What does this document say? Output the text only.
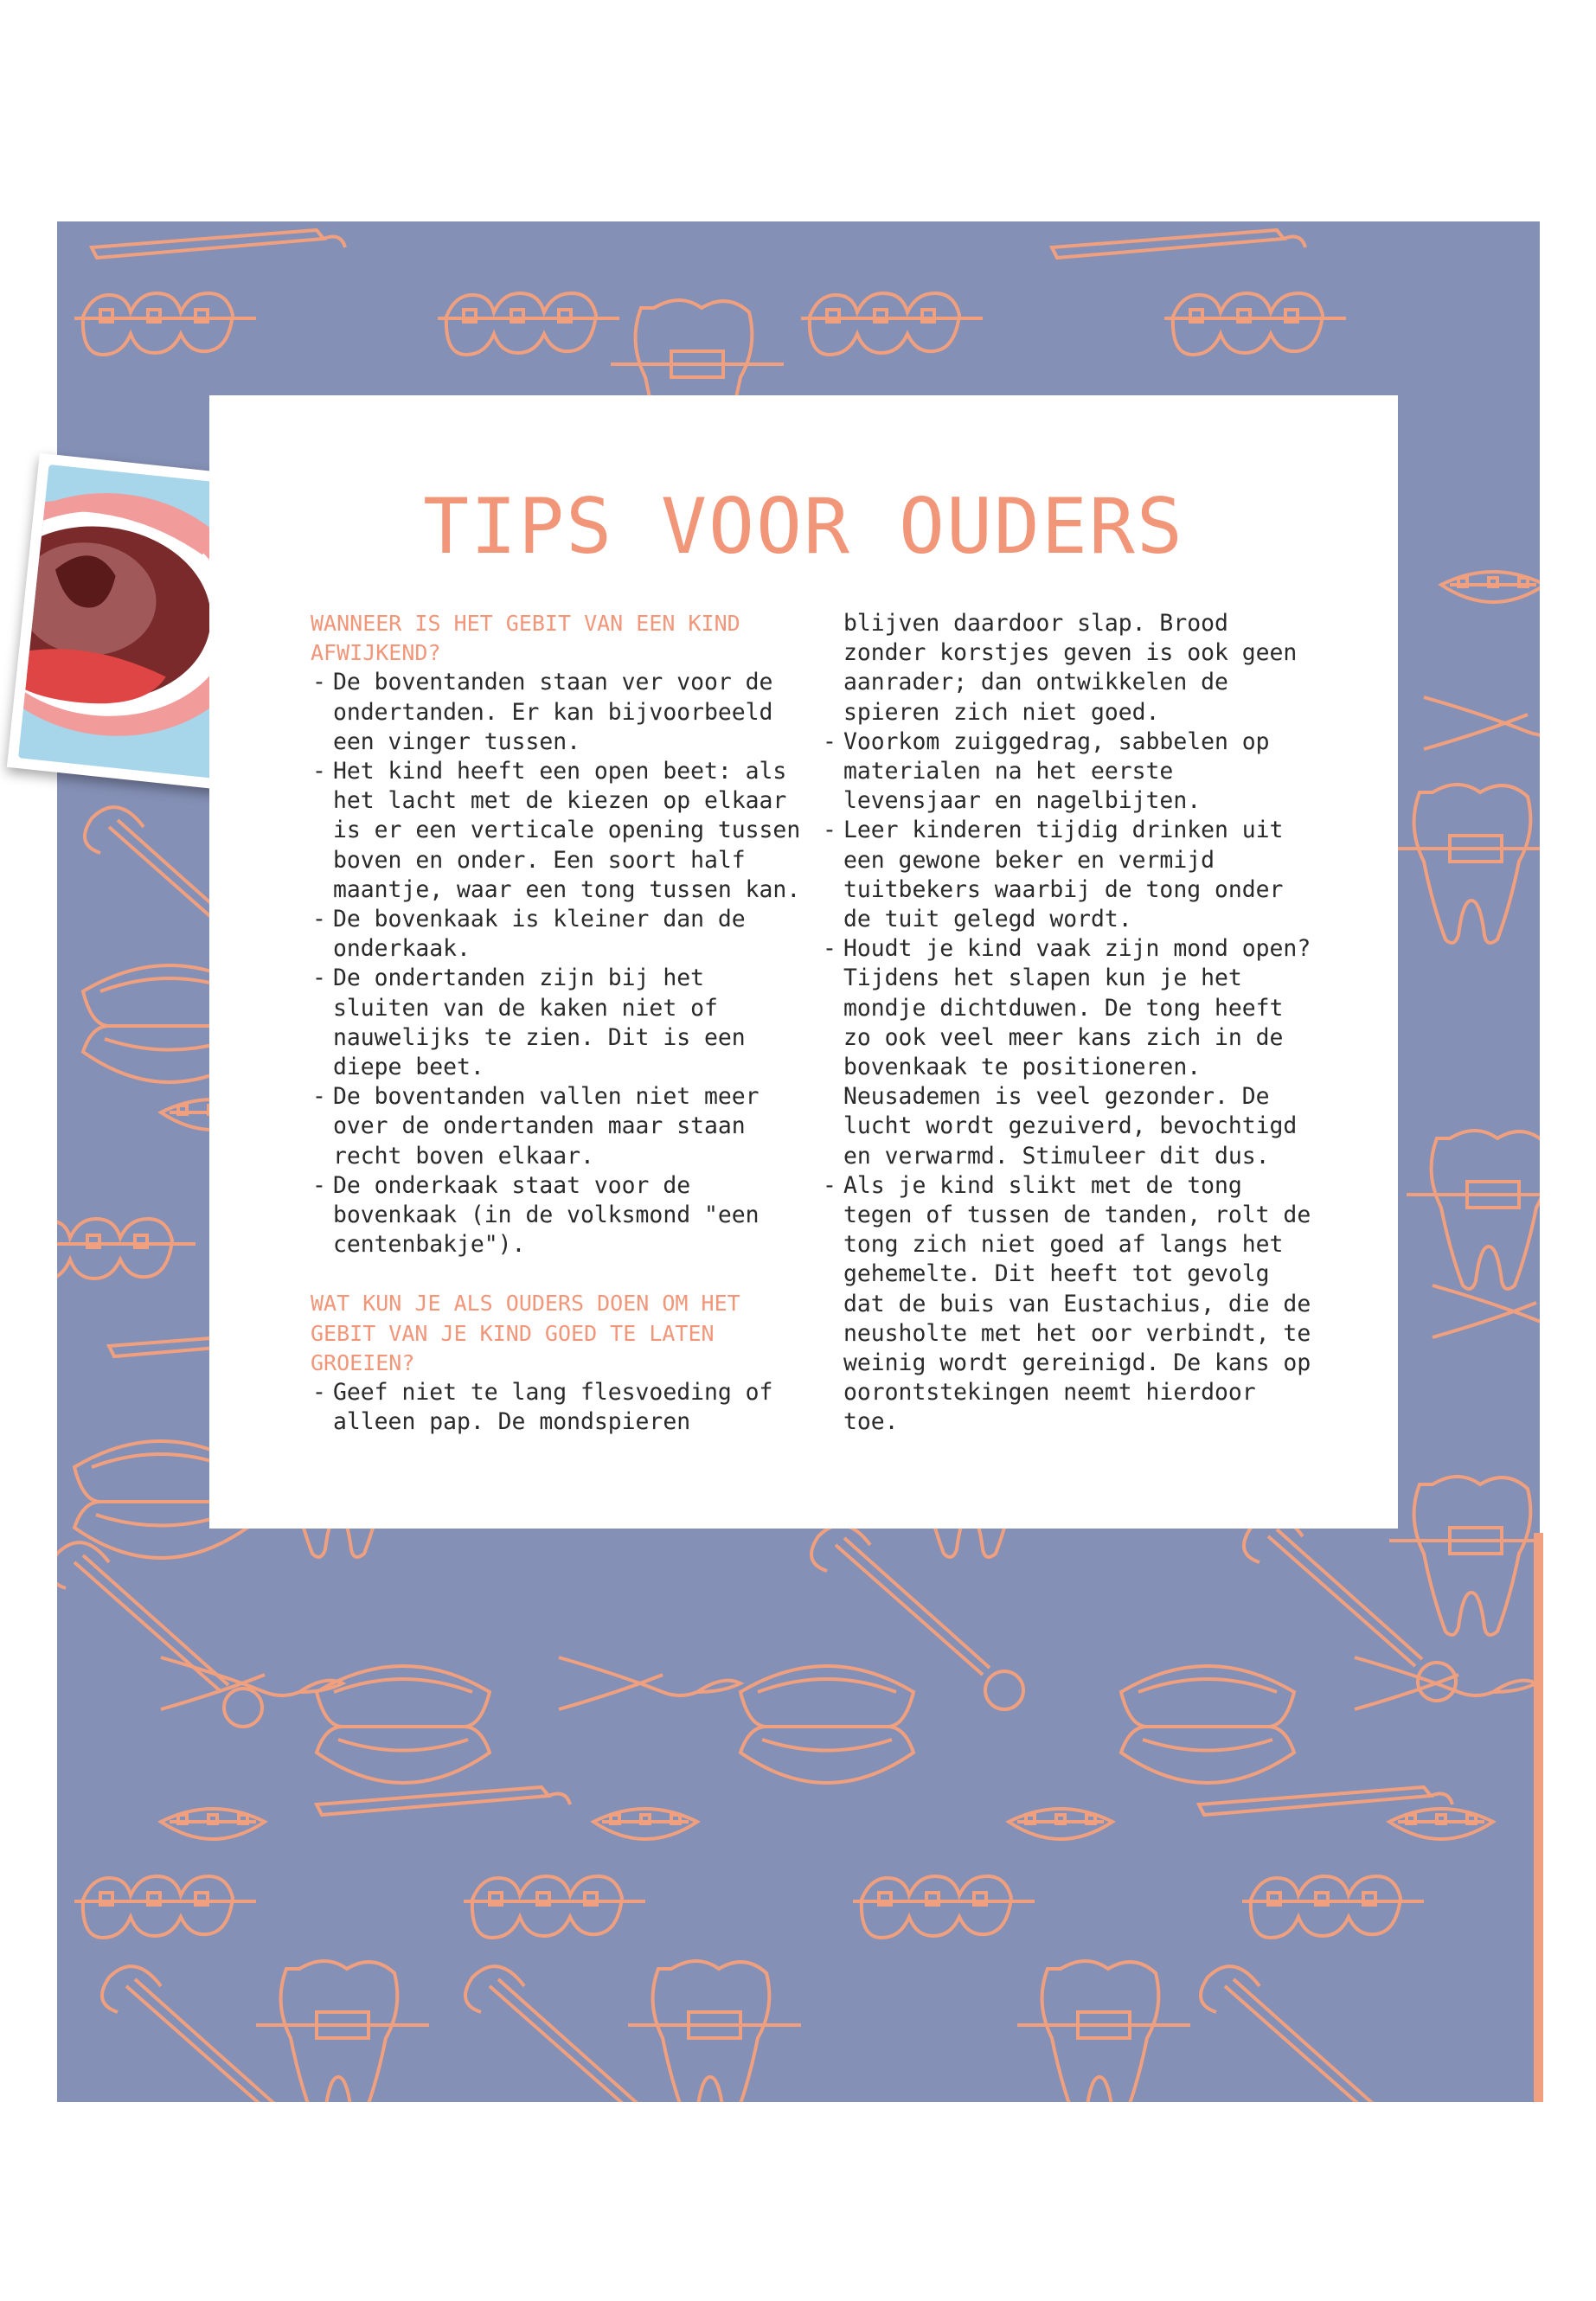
TIPS VOOR OUDERS
WANNEER IS HET GEBIT VAN EEN KIND AFWIJKEND?
- De boventanden staan ver voor de ondertanden. Er kan bijvoorbeeld een vinger tussen.
- Het kind heeft een open beet: als het lacht met de kiezen op elkaar is er een verticale opening tussen boven en onder. Een soort half maantje, waar een tong tussen kan.
- De bovenkaak is kleiner dan de onderkaak.
- De ondertanden zijn bij het sluiten van de kaken niet of nauwelijks te zien. Dit is een diepe beet.
- De boventanden vallen niet meer over de ondertanden maar staan recht boven elkaar.
- De onderkaak staat voor de bovenkaak (in de volksmond "een centenbakje").
WAT KUN JE ALS OUDERS DOEN OM HET GEBIT VAN JE KIND GOED TE LATEN GROEIEN?
- Geef niet te lang flesvoeding of alleen pap. De mondspieren

blijven daardoor slap. Brood zonder korstjes geven is ook geen aanrader; dan ontwikkelen de spieren zich niet goed.

- Voorkom zuiggedrag, sabbelen op materialen na het eerste levensjaar en nagelbijten.
- Leer kinderen tijdig drinken uit een gewone beker en vermijd tuitbekers waarbij de tong onder de tuit gelegd wordt.
- Houdt je kind vaak zijn mond open? Tijdens het slapen kun je het mondje dichtduwen. De tong heeft zo ook veel meer kans zich in de bovenkaak te positioneren. Neusademen is veel gezonder. De lucht wordt gezuiverd, bevochtigd en verwarmd. Stimuleer dit dus.
- Als je kind slikt met de tong tegen of tussen de tanden, rolt de tong zich niet goed af langs het gehemelte. Dit heeft tot gevolg dat de buis van Eustachius, die de neusholte met het oor verbindt, te weinig wordt gereinigd. De kans op oorontstekingen neemt hierdoor toe.
